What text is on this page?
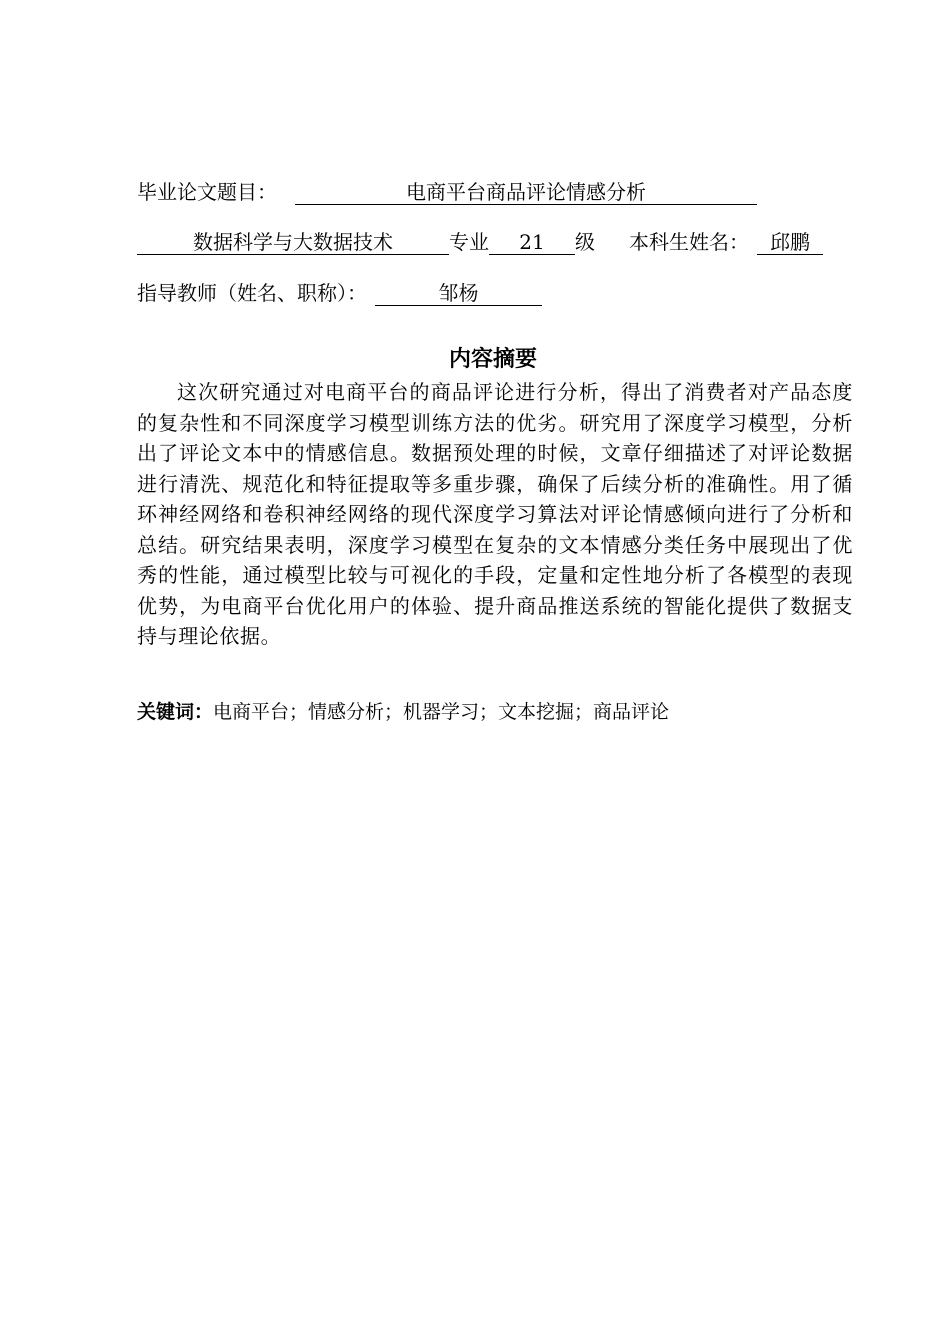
毕业论文题目：	电商平台商品评论情感分析
数据科学与大数据技术	专业 21 级 本科生姓名： 邱鹏
指导教师（姓名、职称）：	邹杨
内容摘要

这次研究通过对电商平台的商品评论进行分析，得出了消费者对产品态度的复杂性和不同深度学习模型训练方法的优劣。研究用了深度学习模型，分析出了评论文本中的情感信息。数据预处理的时候，文章仔细描述了对评论数据进行清洗、规范化和特征提取等多重步骤，确保了后续分析的准确性。用了循环神经网络和卷积神经网络的现代深度学习算法对评论情感倾向进行了分析和总结。研究结果表明，深度学习模型在复杂的文本情感分类任务中展现出了优秀的性能，通过模型比较与可视化的手段，定量和定性地分析了各模型的表现优势，为电商平台优化用户的体验、提升商品推送系统的智能化提供了数据支持与理论依据。

关键词：电商平台；情感分析；机器学习；文本挖掘；商品评论
